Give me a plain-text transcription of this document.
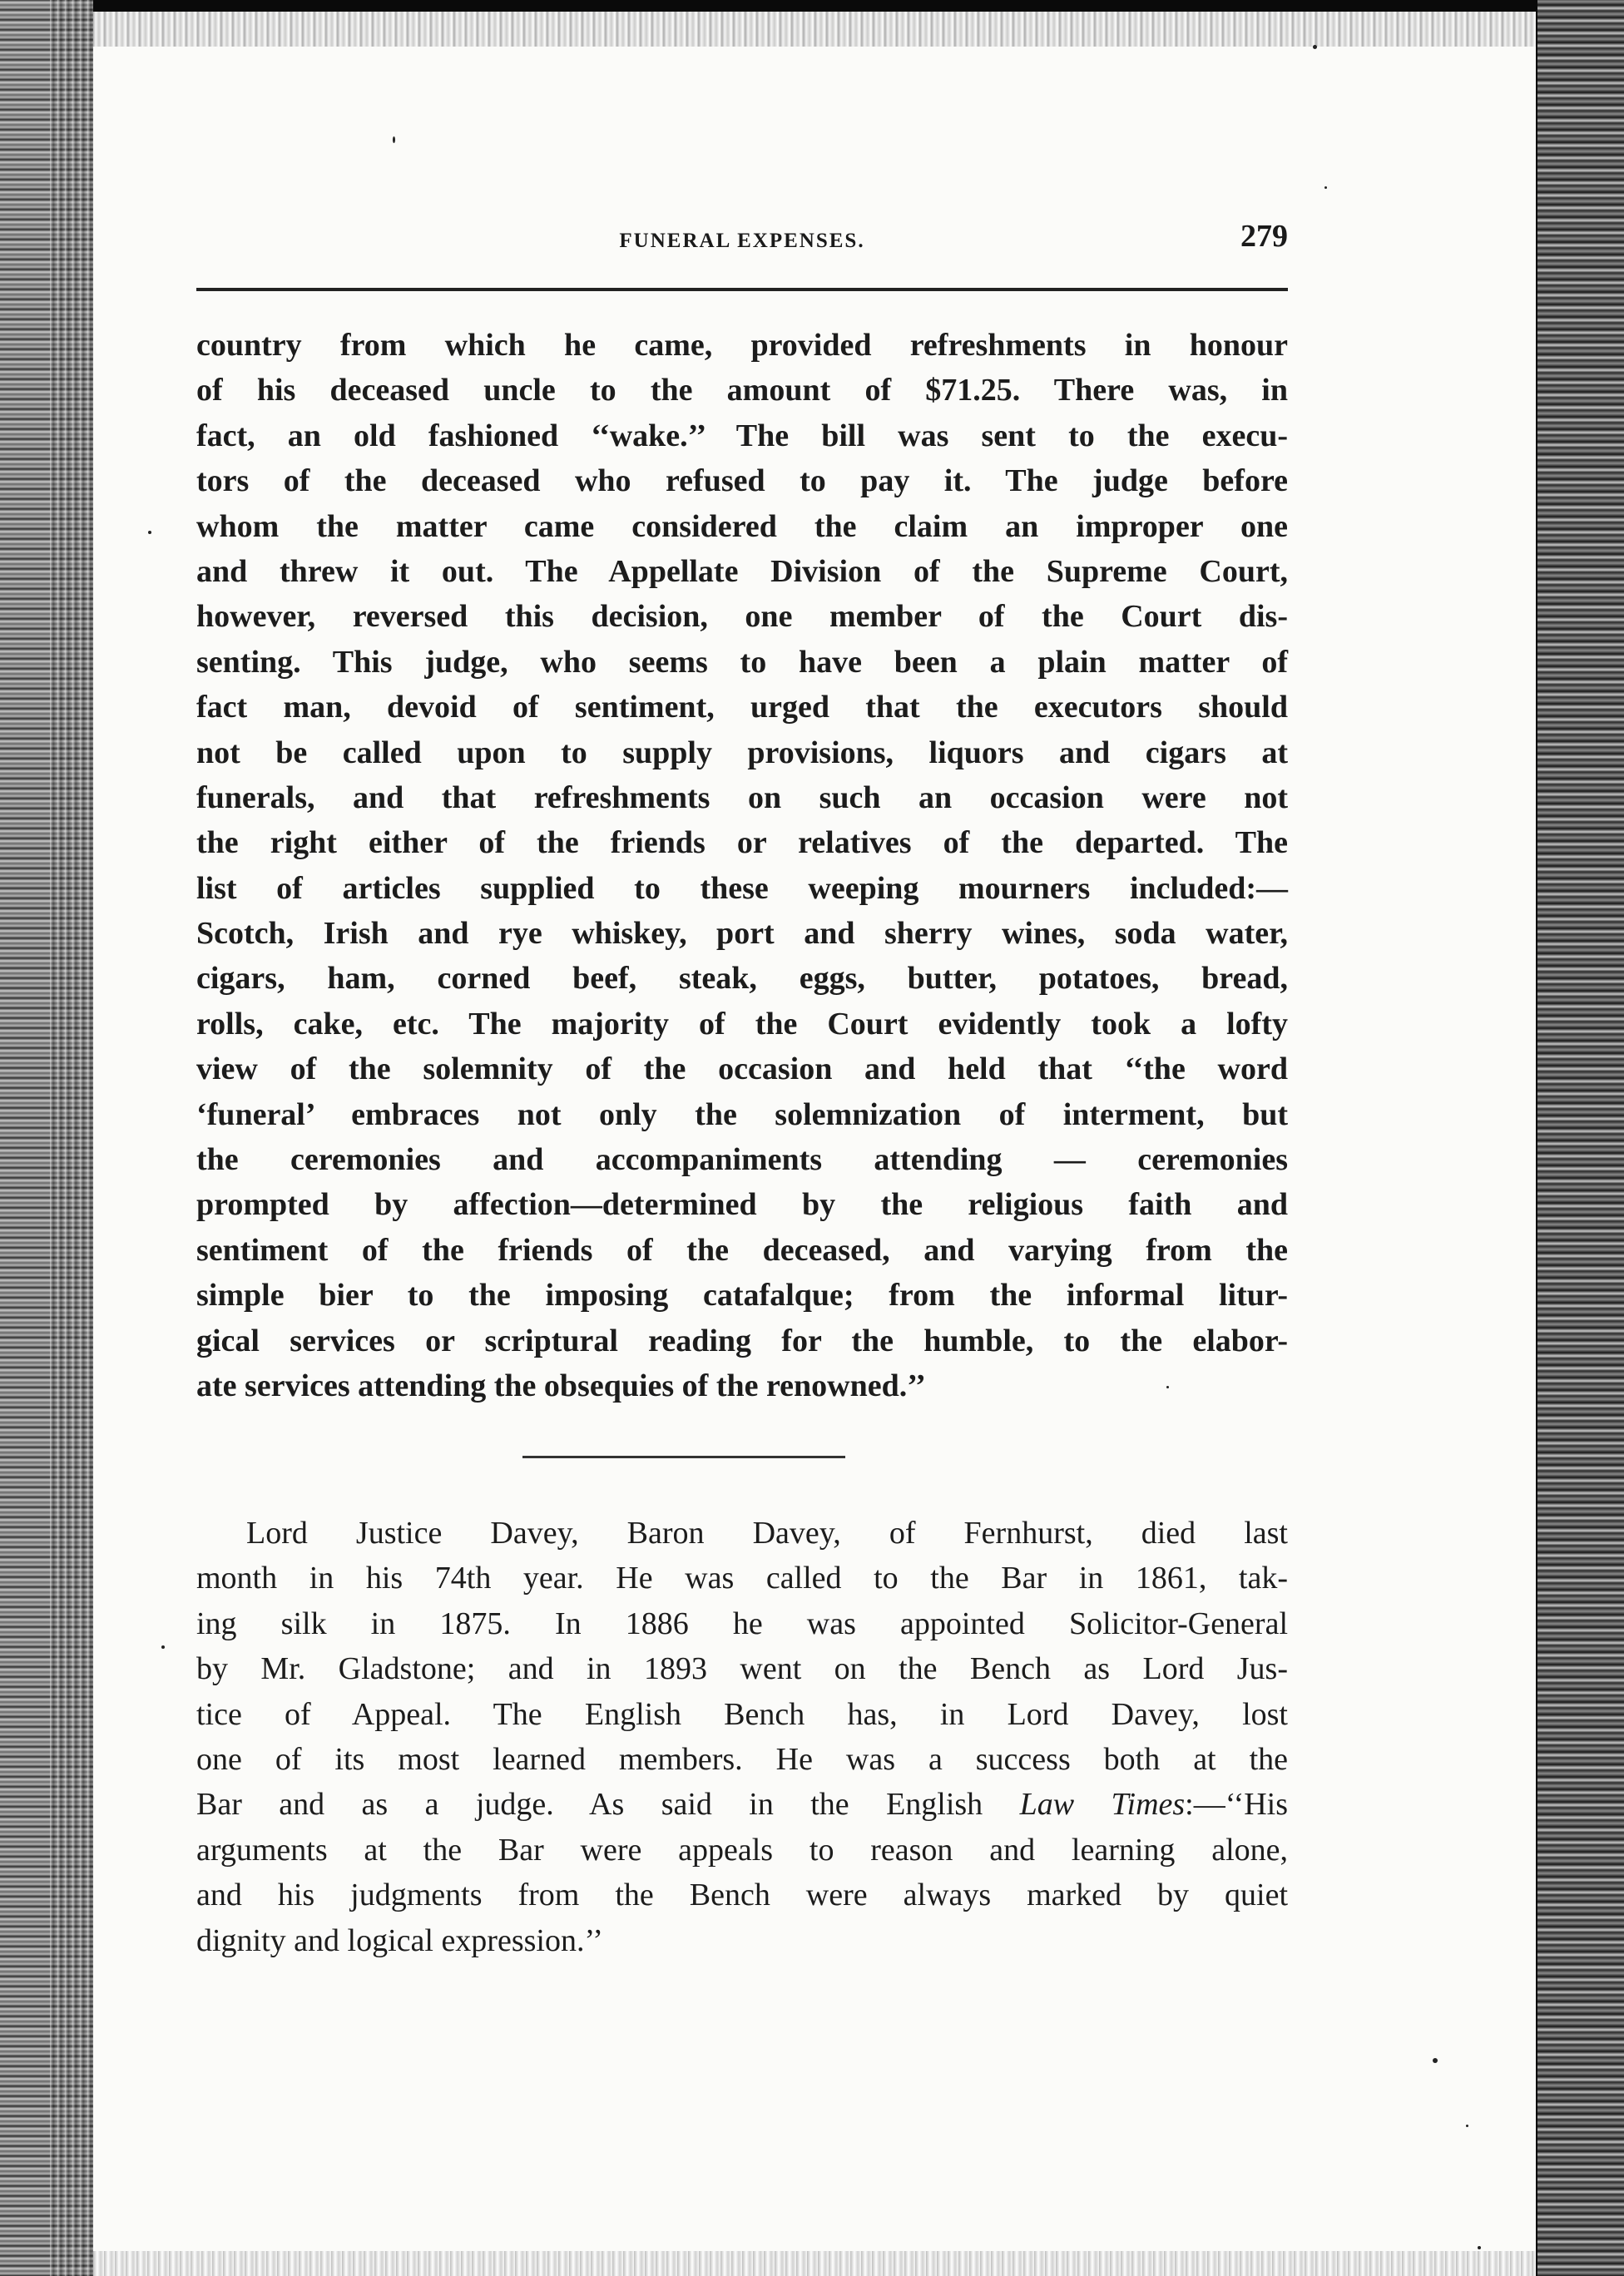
FUNERAL EXPENSES.	279
country from which he came, provided refreshments in honour
of his deceased uncle to the amount of $71.25. There was, in
fact, an old fashioned ‘‘wake.’’ The bill was sent to the execu-
tors of the deceased who refused to pay it. The judge before
whom the matter came considered the claim an improper one
and threw it out. The Appellate Division of the Supreme Court,
however, reversed this decision, one member of the Court dis-
senting. This judge, who seems to have been a plain matter of
fact man, devoid of sentiment, urged that the executors should
not be called upon to supply provisions, liquors and cigars at
funerals, and that refreshments on such an occasion were not
the right either of the friends or relatives of the departed. The
list of articles supplied to these weeping mourners included:—
Scotch, Irish and rye whiskey, port and sherry wines, soda water,
cigars, ham, corned beef, steak, eggs, butter, potatoes, bread,
rolls, cake, etc. The majority of the Court evidently took a lofty
view of the solemnity of the occasion and held that ‘‘the word
‘funeral’ embraces not only the solemnization of interment, but
the ceremonies and accompaniments attending — ceremonies
prompted by affection—determined by the religious faith and
sentiment of the friends of the deceased, and varying from the
simple bier to the imposing catafalque; from the informal litur-
gical services or scriptural reading for the humble, to the elabor-
ate services attending the obsequies of the renowned.’’
Lord Justice Davey, Baron Davey, of Fernhurst, died last
month in his 74th year. He was called to the Bar in 1861, tak-
ing silk in 1875. In 1886 he was appointed Solicitor-General
by Mr. Gladstone; and in 1893 went on the Bench as Lord Jus-
tice of Appeal. The English Bench has, in Lord Davey, lost
one of its most learned members. He was a success both at the
Bar and as a judge. As said in the English Law Times:—‘‘His
arguments at the Bar were appeals to reason and learning alone,
and his judgments from the Bench were always marked by quiet
dignity and logical expression.’’
